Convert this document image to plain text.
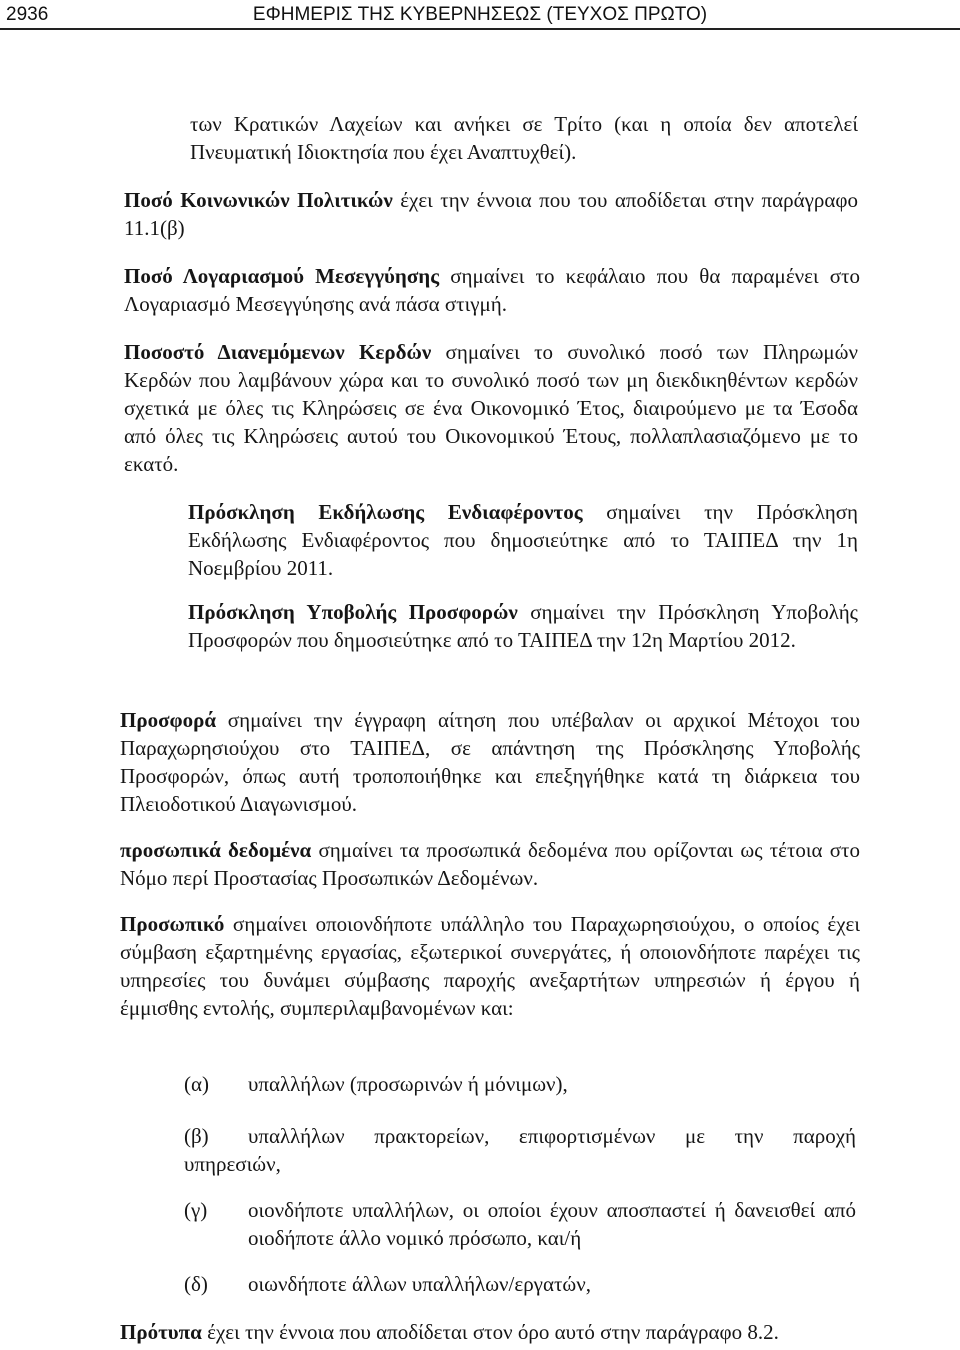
2936	ΕΦΗΜΕΡΙΣ ΤΗΣ ΚΥΒΕΡΝΗΣΕΩΣ (ΤΕΥΧΟΣ ΠΡΩΤΟ)

των Κρατικών Λαχείων και ανήκει σε Τρίτο (και η οποία δεν αποτελεί Πνευματική Ιδιοκτησία που έχει Αναπτυχθεί).

Ποσό Κοινωνικών Πολιτικών έχει την έννοια που του αποδίδεται στην παράγραφο 11.1(β)

Ποσό Λογαριασμού Μεσεγγύησης σημαίνει το κεφάλαιο που θα παραμένει στο Λογαριασμό Μεσεγγύησης ανά πάσα στιγμή.

Ποσοστό Διανεμόμενων Κερδών σημαίνει το συνολικό ποσό των Πληρωμών Κερδών που λαμβάνουν χώρα και το συνολικό ποσό των μη διεκδικηθέντων κερδών σχετικά με όλες τις Κληρώσεις σε ένα Οικονομικό Έτος, διαιρούμενο με τα Έσοδα από όλες τις Κληρώσεις αυτού του Οικονομικού Έτους, πολλαπλασιαζόμενο με το εκατό.

Πρόσκληση Εκδήλωσης Ενδιαφέροντος σημαίνει την Πρόσκληση Εκδήλωσης Ενδιαφέροντος που δημοσιεύτηκε από το ΤΑΙΠΕΔ την 1η Νοεμβρίου 2011.

Πρόσκληση Υποβολής Προσφορών σημαίνει την Πρόσκληση Υποβολής Προσφορών που δημοσιεύτηκε από το ΤΑΙΠΕΔ την 12η Μαρτίου 2012.

Προσφορά σημαίνει την έγγραφη αίτηση που υπέβαλαν οι αρχικοί Μέτοχοι του Παραχωρησιούχου στο ΤΑΙΠΕΔ, σε απάντηση της Πρόσκλησης Υποβολής Προσφορών, όπως αυτή τροποποιήθηκε και επεξηγήθηκε κατά τη διάρκεια του Πλειοδοτικού Διαγωνισμού.

προσωπικά δεδομένα σημαίνει τα προσωπικά δεδομένα που ορίζονται ως τέτοια στο Νόμο περί Προστασίας Προσωπικών Δεδομένων.

Προσωπικό σημαίνει οποιονδήποτε υπάλληλο του Παραχωρησιούχου, ο οποίος έχει σύμβαση εξαρτημένης εργασίας, εξωτερικοί συνεργάτες, ή οποιονδήποτε παρέχει τις υπηρεσίες του δυνάμει σύμβασης παροχής ανεξαρτήτων υπηρεσιών ή έργου ή έμμισθης εντολής, συμπεριλαμβανομένων και:

(α) υπαλλήλων (προσωρινών ή μόνιμων),
(β) υπαλλήλων πρακτορείων, επιφορτισμένων με την παροχή
υπηρεσιών,
(γ) οιονδήποτε υπαλλήλων, οι οποίοι έχουν αποσπαστεί ή δανεισθεί από οιοδήποτε άλλο νομικό πρόσωπο, και/ή
(δ) οιωνδήποτε άλλων υπαλλήλων/εργατών,

Πρότυπα έχει την έννοια που αποδίδεται στον όρο αυτό στην παράγραφο 8.2.
